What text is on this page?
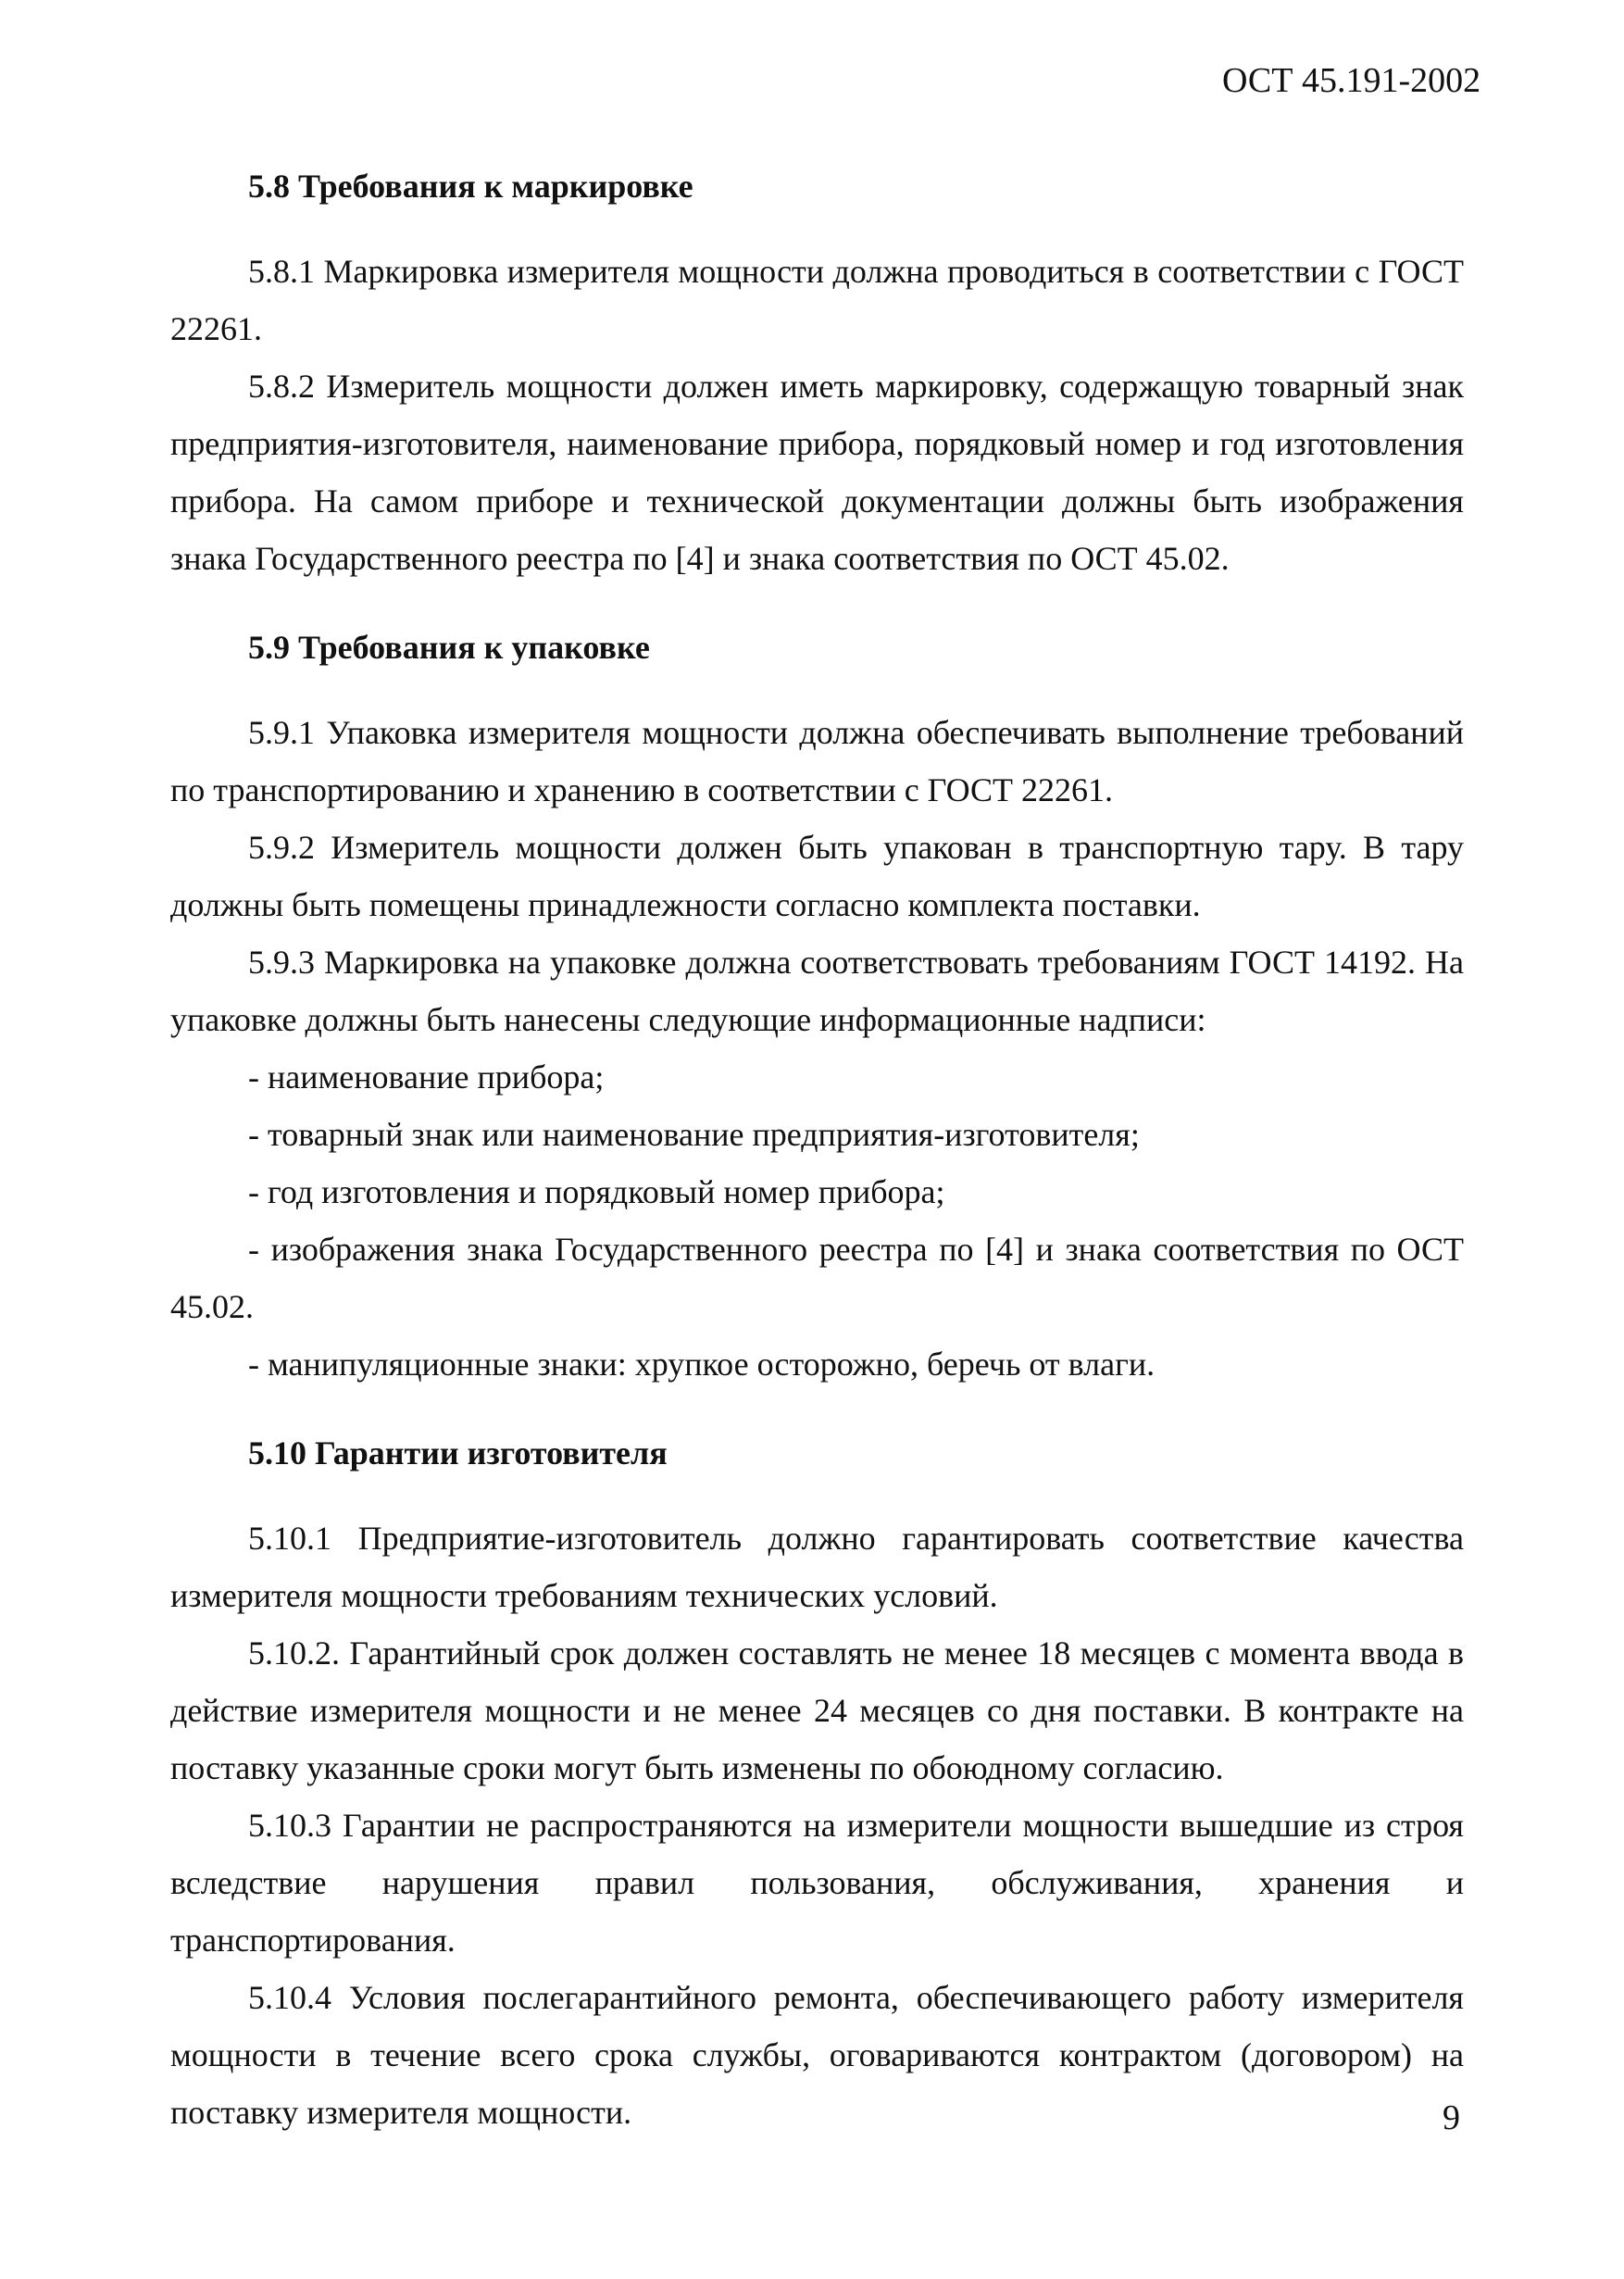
ОСТ 45.191-2002

5.8 Требования к маркировке

5.8.1 Маркировка измерителя мощности должна проводиться в соответствии с ГОСТ 22261.

5.8.2 Измеритель мощности должен иметь маркировку, содержащую товарный знак предприятия-изготовителя, наименование прибора, порядковый номер и год изготовления прибора. На самом приборе и технической документации должны быть изображения знака Государственного реестра по [4] и знака соответствия по ОСТ 45.02.

5.9 Требования к упаковке

5.9.1 Упаковка измерителя мощности должна обеспечивать выполнение требований по транспортированию и хранению в соответствии с ГОСТ 22261.

5.9.2 Измеритель мощности должен быть упакован в транспортную тару. В тару должны быть помещены принадлежности согласно комплекта поставки.

5.9.3 Маркировка на упаковке должна соответствовать требованиям ГОСТ 14192. На упаковке должны быть нанесены следующие информационные надписи:

- наименование прибора;

- товарный знак или наименование предприятия-изготовителя;

- год изготовления и порядковый номер прибора;

- изображения знака Государственного реестра по [4] и знака соответствия по ОСТ 45.02.

- манипуляционные знаки: хрупкое осторожно, беречь от влаги.

5.10 Гарантии изготовителя

5.10.1 Предприятие-изготовитель должно гарантировать соответствие качества измерителя мощности требованиям технических условий.

5.10.2. Гарантийный срок должен составлять не менее 18 месяцев с момента ввода в действие измерителя мощности и не менее 24 месяцев со дня поставки. В контракте на поставку указанные сроки могут быть изменены по обоюдному согласию.

5.10.3 Гарантии не распространяются на измерители мощности вышедшие из строя вследствие нарушения правил пользования, обслуживания, хранения и транспортирования.

5.10.4 Условия послегарантийного ремонта, обеспечивающего работу измерителя мощности в течение всего срока службы, оговариваются контрактом (договором) на поставку измерителя мощности.	9
